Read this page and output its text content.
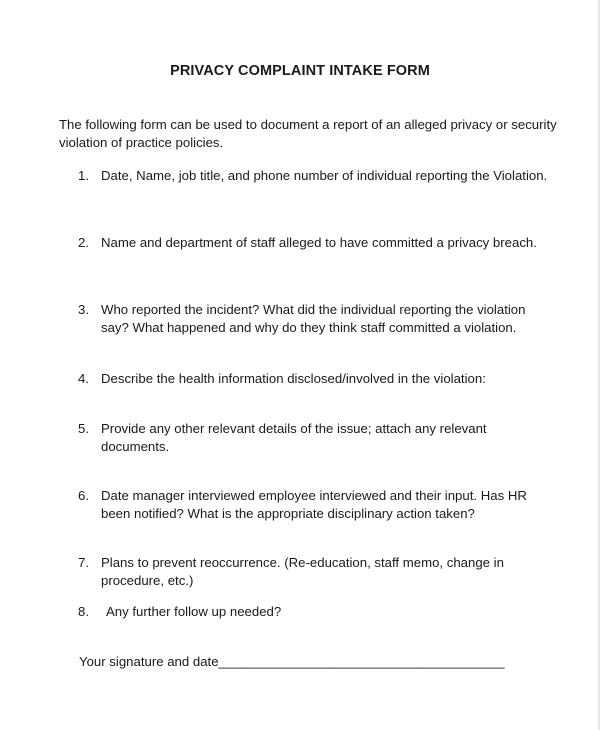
PRIVACY COMPLAINT INTAKE FORM
The following form can be used to document a report of an alleged privacy or security violation of practice policies.
1. Date, Name, job title, and phone number of individual reporting the Violation.
2. Name and department of staff alleged to have committed a privacy breach.
3. Who reported the incident? What did the individual reporting the violation say? What happened and why do they think staff committed a violation.
4. Describe the health information disclosed/involved in the violation:
5. Provide any other relevant details of the issue; attach any relevant documents.
6. Date manager interviewed employee interviewed and their input. Has HR been notified? What is the appropriate disciplinary action taken?
7. Plans to prevent reoccurrence. (Re-education, staff memo, change in procedure, etc.)
8.	Any further follow up needed?
Your signature and date_______________________________________
